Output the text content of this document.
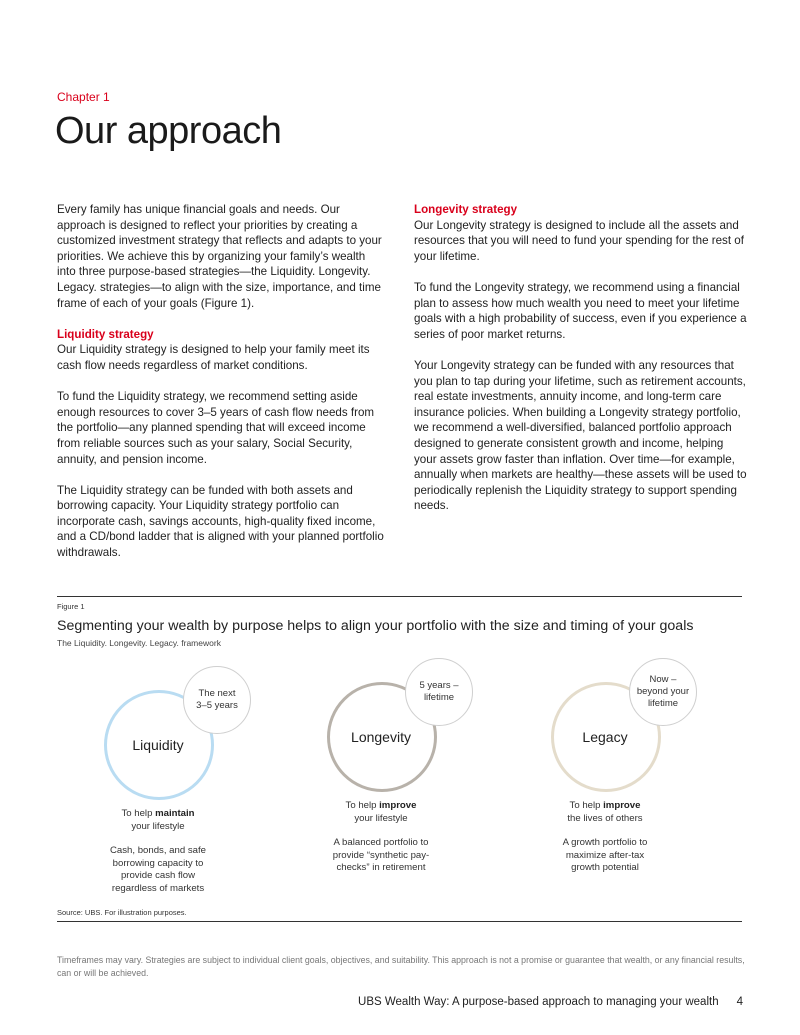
Chapter 1
Our approach

Every family has unique financial goals and needs. Our approach is designed to reflect your priorities by creating a customized investment strategy that reflects and adapts to your priorities. We achieve this by organizing your family’s wealth into three purpose-based strategies—the Liquidity. Longevity. Legacy. strategies—to align with the size, importance, and time frame of each of your goals (Figure 1).

Liquidity strategy

Our Liquidity strategy is designed to help your family meet its cash flow needs regardless of market conditions.

To fund the Liquidity strategy, we recommend setting aside enough resources to cover 3–5 years of cash flow needs from the portfolio—any planned spending that will exceed income from reliable sources such as your salary, Social Security, annuity, and pension income.

The Liquidity strategy can be funded with both assets and borrowing capacity. Your Liquidity strategy portfolio can incorporate cash, savings accounts, high-quality fixed income, and a CD/bond ladder that is aligned with your planned portfolio withdrawals.

Longevity strategy

Our Longevity strategy is designed to include all the assets and resources that you will need to fund your spending for the rest of your lifetime.

To fund the Longevity strategy, we recommend using a financial plan to assess how much wealth you need to meet your lifetime goals with a high probability of success, even if you experience a series of poor market returns.

Your Longevity strategy can be funded with any resources that you plan to tap during your lifetime, such as retirement accounts, real estate investments, annuity income, and long-term care insurance policies. When building a Longevity strategy portfolio, we recommend a well-diversified, balanced portfolio approach designed to generate consistent growth and income, helping your assets grow faster than inflation. Over time—for example, annually when markets are healthy—these assets will be used to periodically replenish the Liquidity strategy to support spending needs.

Figure 1
Segmenting your wealth by purpose helps to align your portfolio with the size and timing of your goals
The Liquidity. Longevity. Legacy. framework
Liquidity
The next
3–5 years
To help maintain
your lifestyle
Cash, bonds, and safe
borrowing capacity to
provide cash flow
regardless of markets
Longevity
5 years –
lifetime
To help improve
your lifestyle
A balanced portfolio to
provide “synthetic pay-
checks” in retirement
Legacy
Now –
beyond your
lifetime
To help improve
the lives of others
A growth portfolio to
maximize after-tax
growth potential
Source: UBS. For illustration purposes.
Timeframes may vary. Strategies are subject to individual client goals, objectives, and suitability. This approach is not a promise or guarantee that wealth, or any financial results, can or will be achieved.
UBS Wealth Way: A purpose-based approach to managing your wealth 4
